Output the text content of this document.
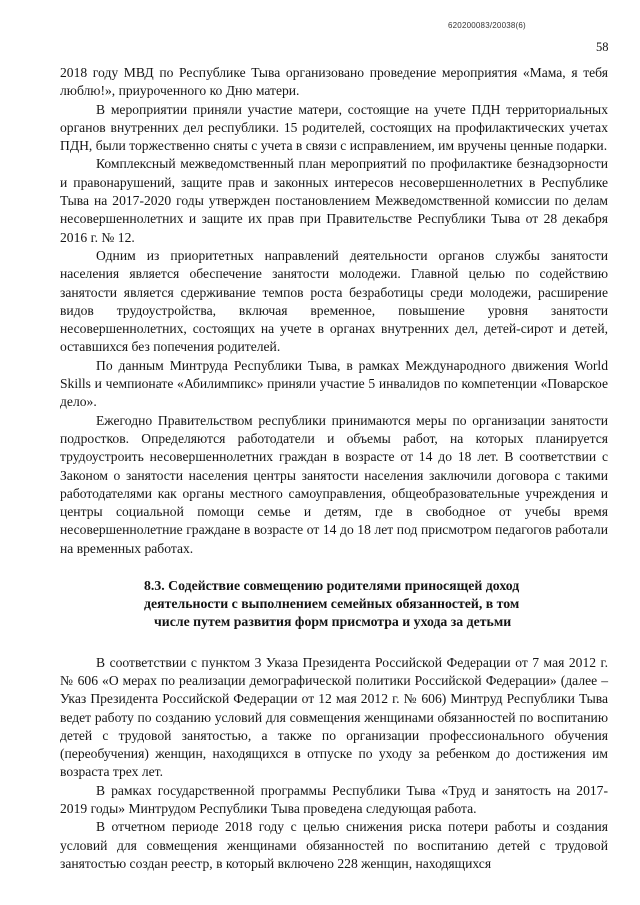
620200083/20038(6)
58

2018 году МВД по Республике Тыва организовано проведение мероприятия «Мама, я тебя люблю!», приуроченного ко Дню матери.

В мероприятии приняли участие матери, состоящие на учете ПДН территориальных органов внутренних дел республики. 15 родителей, состоящих на профилактических учетах ПДН, были торжественно сняты с учета в связи с исправлением, им вручены ценные подарки.

Комплексный межведомственный план мероприятий по профилактике безнадзорности и правонарушений, защите прав и законных интересов несовершеннолетних в Республике Тыва на 2017-2020 годы утвержден постановлением Межведомственной комиссии по делам несовершеннолетних и защите их прав при Правительстве Республики Тыва от 28 декабря 2016 г. № 12.

Одним из приоритетных направлений деятельности органов службы занятости населения является обеспечение занятости молодежи. Главной целью по содействию занятости является сдерживание темпов роста безработицы среди молодежи, расширение видов трудоустройства, включая временное, повышение уровня занятости несовершеннолетних, состоящих на учете в органах внутренних дел, детей-сирот и детей, оставшихся без попечения родителей.

По данным Минтруда Республики Тыва, в рамках Международного движения World Skills и чемпионате «Абилимпикс» приняли участие 5 инвалидов по компетенции «Поварское дело».

Ежегодно Правительством республики принимаются меры по организации занятости подростков. Определяются работодатели и объемы работ, на которых планируется трудоустроить несовершеннолетних граждан в возрасте от 14 до 18 лет. В соответствии с Законом о занятости населения центры занятости населения заключили договора с такими работодателями как органы местного самоуправления, общеобразовательные учреждения и центры социальной помощи семье и детям, где в свободное от учебы время несовершеннолетние граждане в возрасте от 14 до 18 лет под присмотром педагогов работали на временных работах.

8.3. Содействие совмещению родителями приносящей доход
деятельности с выполнением семейных обязанностей, в том
числе путем развития форм присмотра и ухода за детьми

В соответствии с пунктом 3 Указа Президента Российской Федерации от 7 мая 2012 г. № 606 «О мерах по реализации демографической политики Российской Федерации» (далее – Указ Президента Российской Федерации от 12 мая 2012 г. № 606) Минтруд Республики Тыва ведет работу по созданию условий для совмещения женщинами обязанностей по воспитанию детей с трудовой занятостью, а также по организации профессионального обучения (переобучения) женщин, находящихся в отпуске по уходу за ребенком до достижения им возраста трех лет.

В рамках государственной программы Республики Тыва «Труд и занятость на 2017-2019 годы» Минтрудом Республики Тыва проведена следующая работа.

В отчетном периоде 2018 году с целью снижения риска потери работы и создания условий для совмещения женщинами обязанностей по воспитанию детей с трудовой занятостью создан реестр, в который включено 228 женщин, находящихся
